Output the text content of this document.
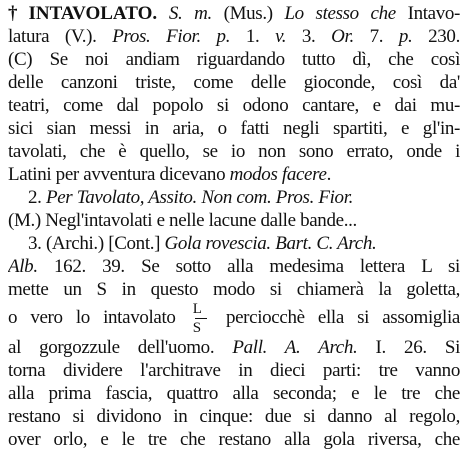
† INTAVOLATO. S. m. (Mus.) Lo stesso che Intavo-
latura (V.). Pros. Fior. p. 1. v. 3. Or. 7. p. 230.
(C) Se noi andiam riguardando tutto dì, che così
delle canzoni triste, come delle gioconde, così da'
teatri, come dal popolo si odono cantare, e dai mu-
sici sian messi in aria, o fatti negli spartiti, e gl'in-
tavolati, che è quello, se io non sono errato, onde i
Latini per avventura dicevano modos facere.
2. Per Tavolato, Assito. Non com. Pros. Fior.
(M.) Negl'intavolati e nelle lacune dalle bande...
3. (Archi.) [Cont.] Gola rovescia. Bart. C. Arch.
Alb. 162. 39. Se sotto alla medesima lettera L si
mette un S in questo modo si chiamerà la goletta,
o vero lo intavolato $\frac{L}{S}$ perciocchè ella si assomiglia
al gorgozzule dell'uomo. Pall. A. Arch. I. 26. Si
torna dividere l'architrave in dieci parti: tre vanno
alla prima fascia, quattro alla seconda; e le tre che
restano si dividono in cinque: due si danno al regolo,
over orlo, e le tre che restano alla gola riversa, che
